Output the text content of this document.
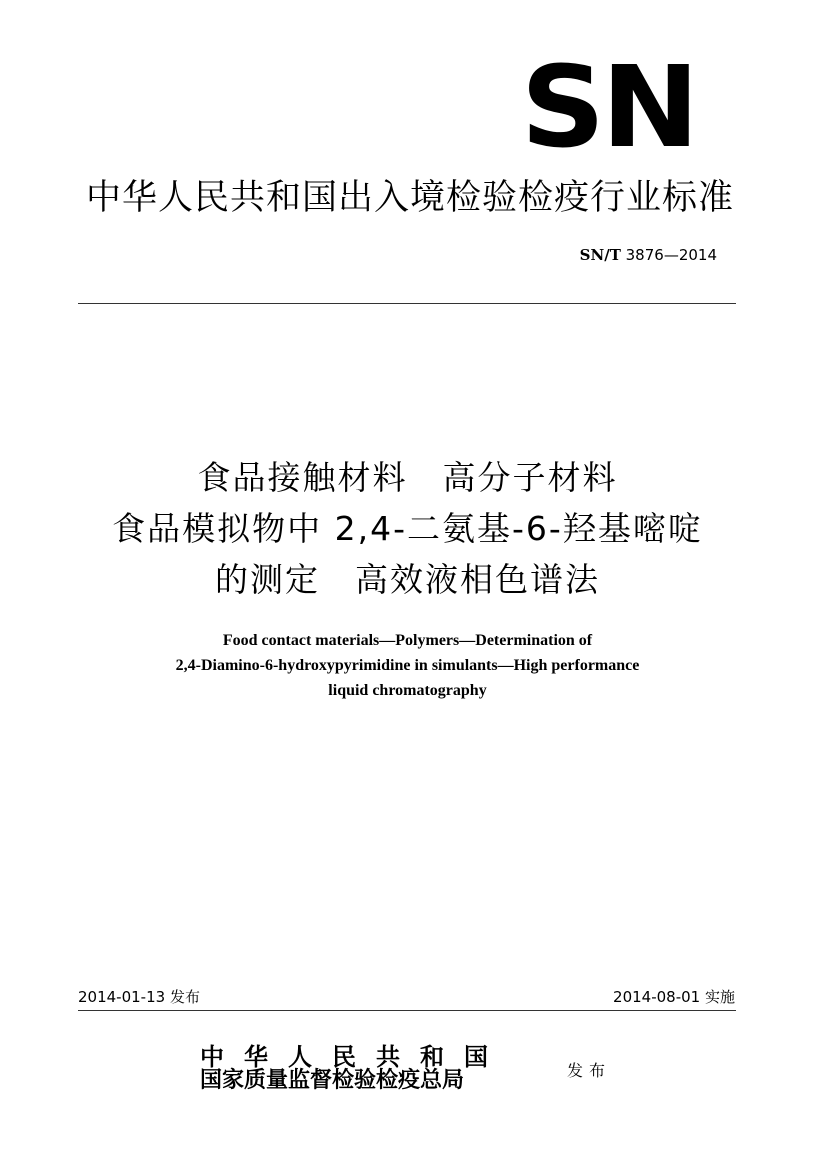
SN
中华人民共和国出入境检验检疫行业标准
SN/T 3876—2014
食品接触材料　高分子材料
食品模拟物中 2,4-二氨基-6-羟基嘧啶
的测定　高效液相色谱法
Food contact materials—Polymers—Determination of
2,4-Diamino-6-hydroxypyrimidine in simulants—High performance
liquid chromatography
2014-01-13 发布	2014-08-01 实施
中华人民共和国
国家质量监督检验检疫总局	发布
